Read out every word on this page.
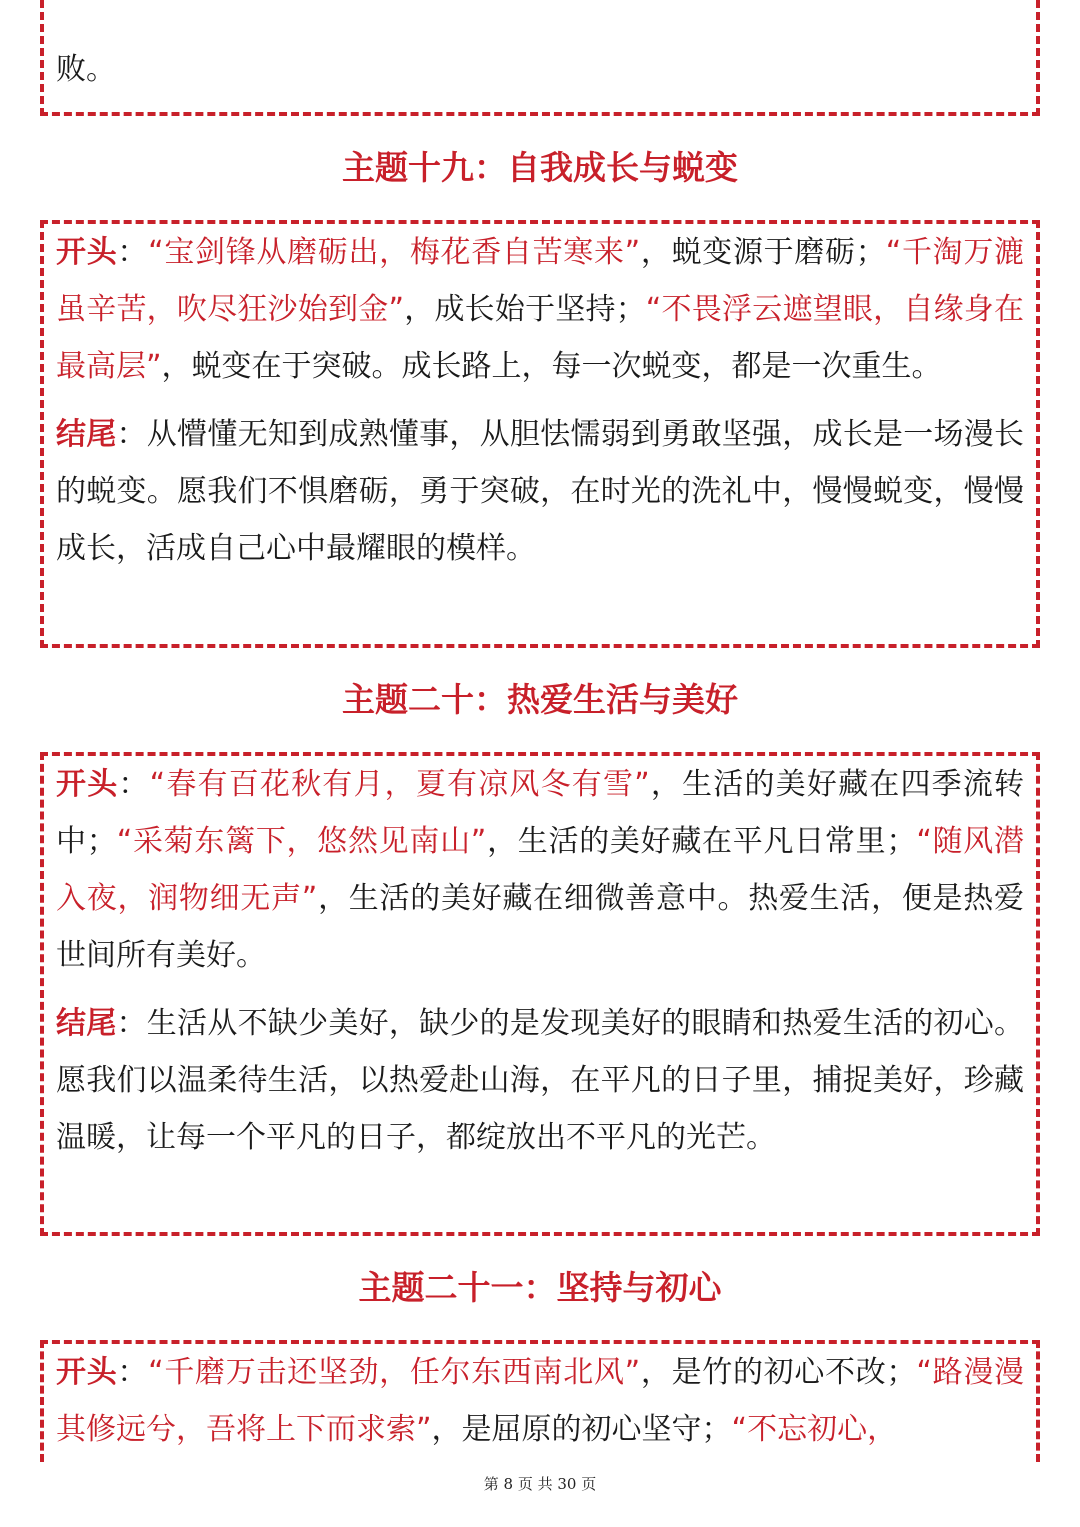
败。

主题十九：自我成长与蜕变

开头：“宝剑锋从磨砺出，梅花香自苦寒来”，蜕变源于磨砺；“千淘万漉虽辛苦，吹尽狂沙始到金”，成长始于坚持；“不畏浮云遮望眼，自缘身在最高层”，蜕变在于突破。成长路上，每一次蜕变，都是一次重生。

结尾：从懵懂无知到成熟懂事，从胆怯懦弱到勇敢坚强，成长是一场漫长的蜕变。愿我们不惧磨砺，勇于突破，在时光的洗礼中，慢慢蜕变，慢慢成长，活成自己心中最耀眼的模样。

主题二十：热爱生活与美好

开头：“春有百花秋有月，夏有凉风冬有雪”，生活的美好藏在四季流转中；“采菊东篱下，悠然见南山”，生活的美好藏在平凡日常里；“随风潜入夜，润物细无声”，生活的美好藏在细微善意中。热爱生活，便是热爱世间所有美好。

结尾：生活从不缺少美好，缺少的是发现美好的眼睛和热爱生活的初心。愿我们以温柔待生活，以热爱赴山海，在平凡的日子里，捕捉美好，珍藏温暖，让每一个平凡的日子，都绽放出不平凡的光芒。

主题二十一：坚持与初心

开头：“千磨万击还坚劲，任尔东西南北风”，是竹的初心不改；“路漫漫其修远兮，吾将上下而求索”，是屈原的初心坚守；“不忘初心，

第 8 页 共 30 页
